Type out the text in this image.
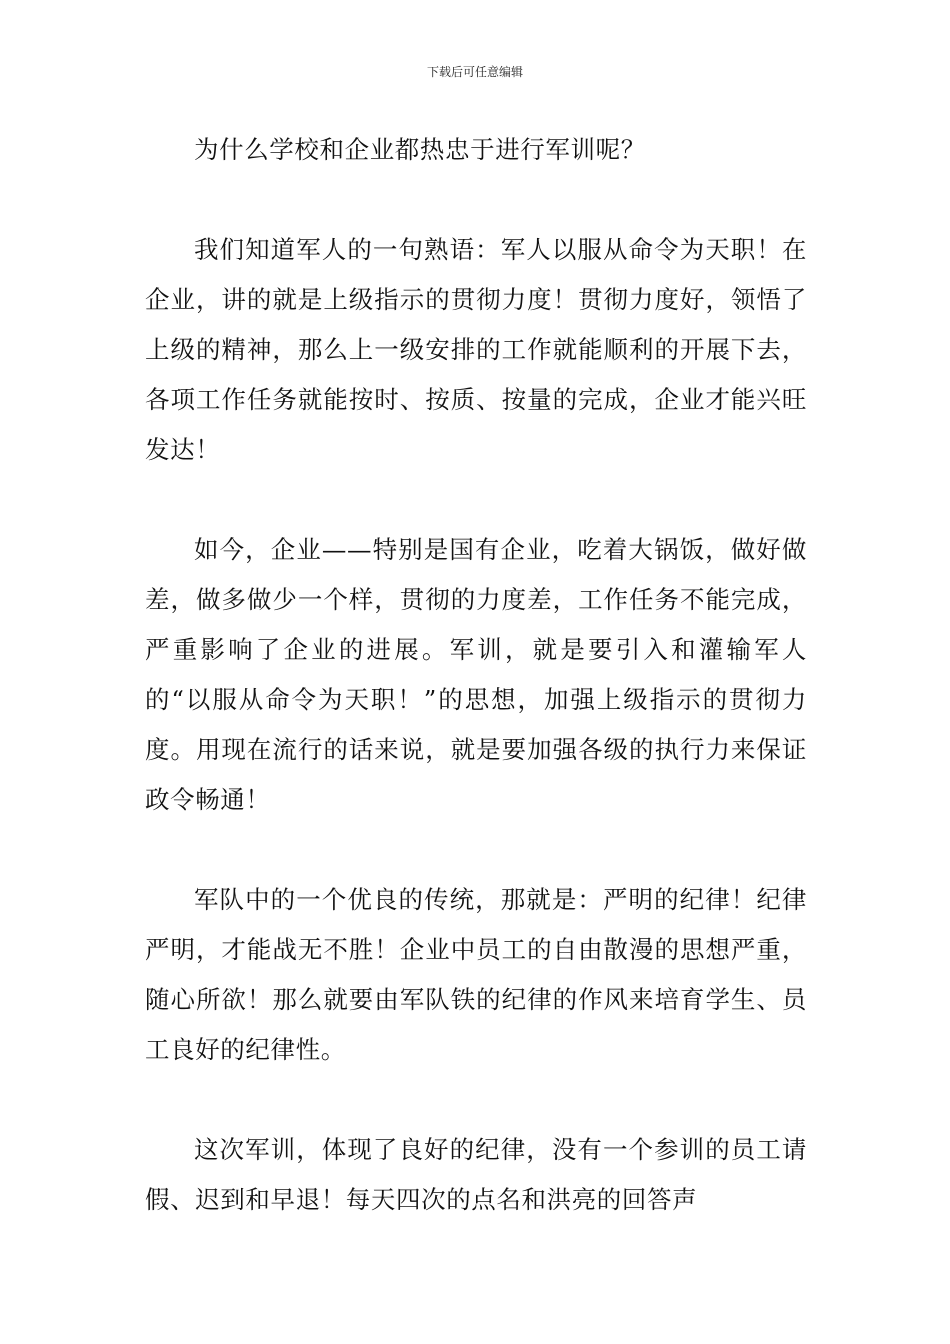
下载后可任意编辑

为什么学校和企业都热忠于进行军训呢？

我们知道军人的一句熟语：军人以服从命令为天职！在企业，讲的就是上级指示的贯彻力度！贯彻力度好，领悟了上级的精神，那么上一级安排的工作就能顺利的开展下去，各项工作任务就能按时、按质、按量的完成，企业才能兴旺发达！

如今，企业——特别是国有企业，吃着大锅饭，做好做差，做多做少一个样，贯彻的力度差，工作任务不能完成，严重影响了企业的进展。军训，就是要引入和灌输军人的“以服从命令为天职！”的思想，加强上级指示的贯彻力度。用现在流行的话来说，就是要加强各级的执行力来保证政令畅通！

军队中的一个优良的传统，那就是：严明的纪律！纪律严明，才能战无不胜！企业中员工的自由散漫的思想严重，随心所欲！那么就要由军队铁的纪律的作风来培育学生、员工良好的纪律性。

这次军训，体现了良好的纪律，没有一个参训的员工请假、迟到和早退！每天四次的点名和洪亮的回答声
